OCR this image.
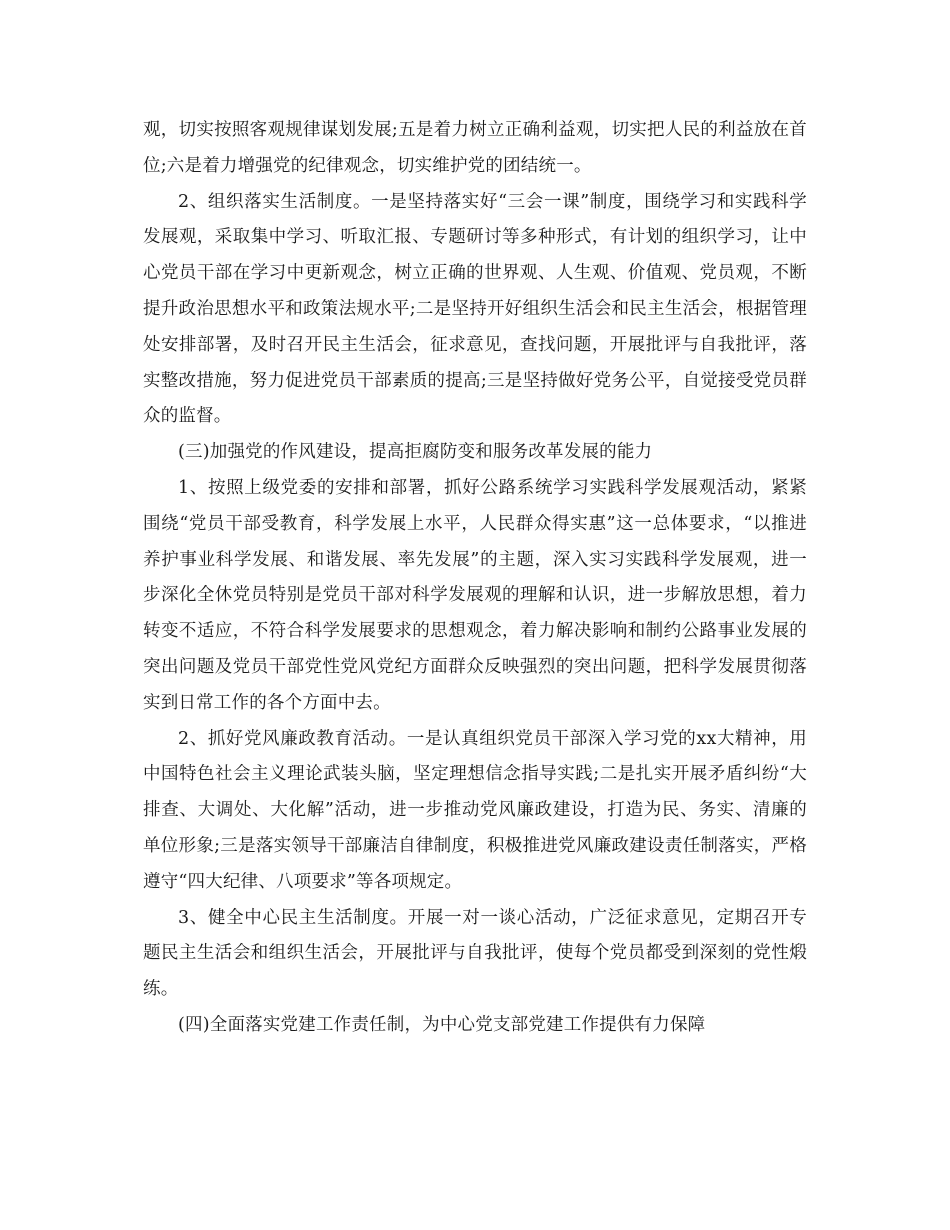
观，切实按照客观规律谋划发展;五是着力树立正确利益观，切实把人民的利益放在首位;六是着力增强党的纪律观念，切实维护党的团结统一。

2、组织落实生活制度。一是坚持落实好“三会一课”制度，围绕学习和实践科学发展观，采取集中学习、听取汇报、专题研讨等多种形式，有计划的组织学习，让中心党员干部在学习中更新观念，树立正确的世界观、人生观、价值观、党员观，不断提升政治思想水平和政策法规水平;二是坚持开好组织生活会和民主生活会，根据管理处安排部署，及时召开民主生活会，征求意见，查找问题，开展批评与自我批评，落实整改措施，努力促进党员干部素质的提高;三是坚持做好党务公平，自觉接受党员群众的监督。

(三)加强党的作风建设，提高拒腐防变和服务改革发展的能力

1、按照上级党委的安排和部署，抓好公路系统学习实践科学发展观活动，紧紧围绕“党员干部受教育，科学发展上水平，人民群众得实惠”这一总体要求，“以推进养护事业科学发展、和谐发展、率先发展”的主题，深入实习实践科学发展观，进一步深化全休党员特别是党员干部对科学发展观的理解和认识，进一步解放思想，着力转变不适应，不符合科学发展要求的思想观念，着力解决影响和制约公路事业发展的突出问题及党员干部党性党风党纪方面群众反映强烈的突出问题，把科学发展贯彻落实到日常工作的各个方面中去。

2、抓好党风廉政教育活动。一是认真组织党员干部深入学习党的xx大精神，用中国特色社会主义理论武装头脑，坚定理想信念指导实践;二是扎实开展矛盾纠纷“大排查、大调处、大化解”活动，进一步推动党风廉政建设，打造为民、务实、清廉的单位形象;三是落实领导干部廉洁自律制度，积极推进党风廉政建设责任制落实，严格遵守“四大纪律、八项要求”等各项规定。

3、健全中心民主生活制度。开展一对一谈心活动，广泛征求意见，定期召开专题民主生活会和组织生活会，开展批评与自我批评，使每个党员都受到深刻的党性煅练。

(四)全面落实党建工作责任制，为中心党支部党建工作提供有力保障
